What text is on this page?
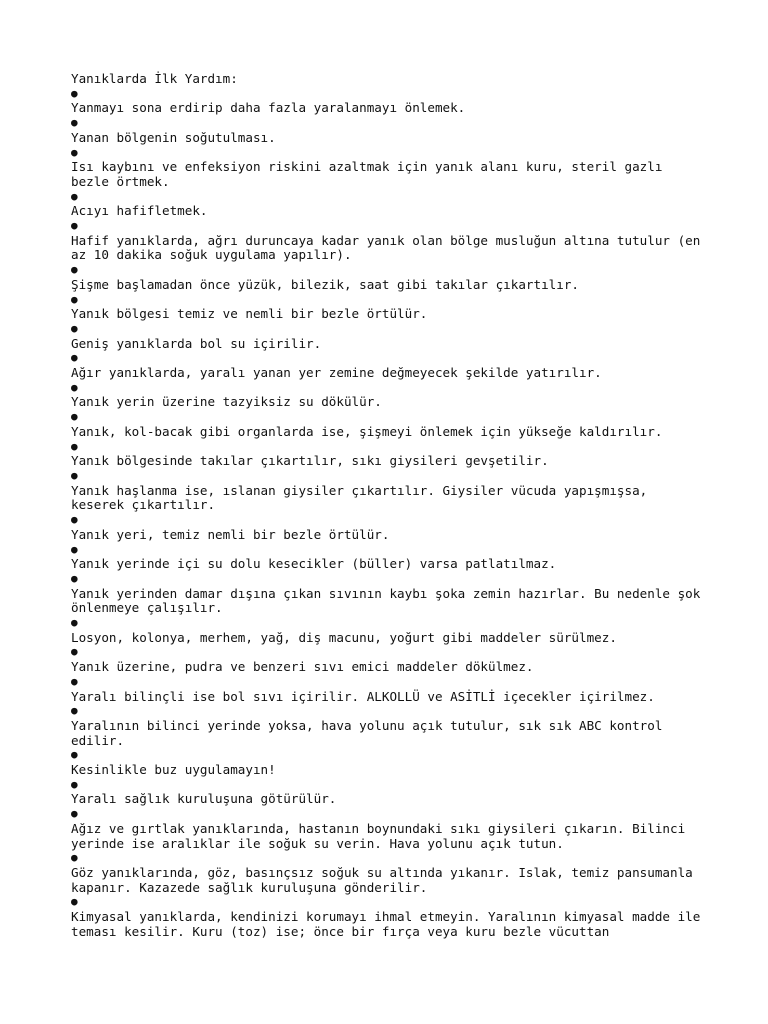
Yanıklarda İlk Yardım:
●
Yanmayı sona erdirip daha fazla yaralanmayı önlemek.
●
Yanan bölgenin soğutulması.
●
Isı kaybını ve enfeksiyon riskini azaltmak için yanık alanı kuru, steril gazlı
bezle örtmek.
●
Acıyı hafifletmek.
●
Hafif yanıklarda, ağrı duruncaya kadar yanık olan bölge musluğun altına tutulur (en
az 10 dakika soğuk uygulama yapılır).
●
Şişme başlamadan önce yüzük, bilezik, saat gibi takılar çıkartılır.
●
Yanık bölgesi temiz ve nemli bir bezle örtülür.
●
Geniş yanıklarda bol su içirilir.
●
Ağır yanıklarda, yaralı yanan yer zemine değmeyecek şekilde yatırılır.
●
Yanık yerin üzerine tazyiksiz su dökülür.
●
Yanık, kol-bacak gibi organlarda ise, şişmeyi önlemek için yükseğe kaldırılır.
●
Yanık bölgesinde takılar çıkartılır, sıkı giysileri gevşetilir.
●
Yanık haşlanma ise, ıslanan giysiler çıkartılır. Giysiler vücuda yapışmışsa,
keserek çıkartılır.
●
Yanık yeri, temiz nemli bir bezle örtülür.
●
Yanık yerinde içi su dolu kesecikler (büller) varsa patlatılmaz.
●
Yanık yerinden damar dışına çıkan sıvının kaybı şoka zemin hazırlar. Bu nedenle şok
önlenmeye çalışılır.
●
Losyon, kolonya, merhem, yağ, diş macunu, yoğurt gibi maddeler sürülmez.
●
Yanık üzerine, pudra ve benzeri sıvı emici maddeler dökülmez.
●
Yaralı bilinçli ise bol sıvı içirilir. ALKOLLÜ ve ASİTLİ içecekler içirilmez.
●
Yaralının bilinci yerinde yoksa, hava yolunu açık tutulur, sık sık ABC kontrol
edilir.
●
Kesinlikle buz uygulamayın!
●
Yaralı sağlık kuruluşuna götürülür.
●
Ağız ve gırtlak yanıklarında, hastanın boynundaki sıkı giysileri çıkarın. Bilinci
yerinde ise aralıklar ile soğuk su verin. Hava yolunu açık tutun.
●
Göz yanıklarında, göz, basınçsız soğuk su altında yıkanır. Islak, temiz pansumanla
kapanır. Kazazede sağlık kuruluşuna gönderilir.
●
Kimyasal yanıklarda, kendinizi korumayı ihmal etmeyin. Yaralının kimyasal madde ile
teması kesilir. Kuru (toz) ise; önce bir fırça veya kuru bezle vücuttan
